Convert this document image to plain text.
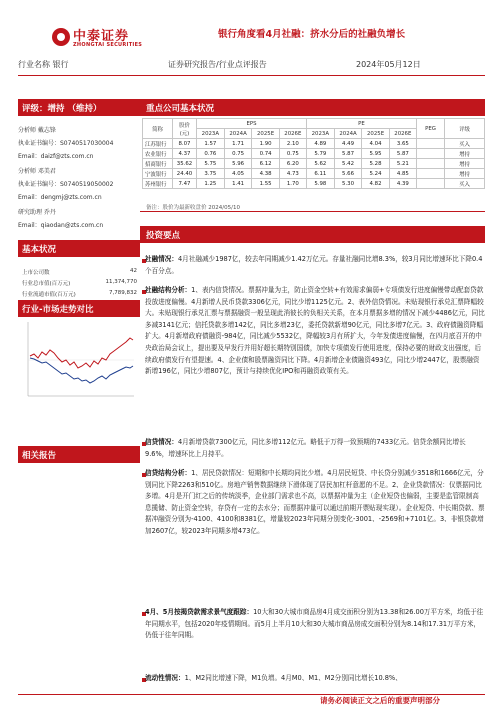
中泰证券
ZHONGTAI SECURITIES
银行角度看4月社融：挤水分后的社融负增长
行业名称 银行	证券研究报告/行业点评报告	2024年05月12日
评级：增持 （维持）
分析师 戴志锋
执业证书编号：S0740517030004
Email：daizf@zts.com.cn
分析师 邓美君
执业证书编号：S0740519050002
Email：dengmj@zts.com.cn
研究助理 乔丹
Email：qiaodan@zts.com.cn
基本状况
上市公司数	42
行业总市值(百万元)	11,374,770
行业流通市值(百万元)	7,789,832
行业-市场走势对比
相关报告
重点公司基本状况
简称	股价
(元)	EPS				PE				PEG	评级
		2023A	2024A	2025E	2026E	2023A	2024A	2025E	2026E		
江苏银行	8.07	1.57	1.71	1.90	2.10	4.89	4.49	4.04	3.65		买入
农业银行	4.37	0.76	0.75	0.74	0.75	5.79	5.87	5.95	5.87		增持
招商银行	35.62	5.75	5.96	6.12	6.20	5.62	5.42	5.28	5.21		增持
宁波银行	24.40	3.75	4.05	4.38	4.73	6.11	5.66	5.24	4.85		增持
苏州银行	7.47	1.25	1.41	1.55	1.70	5.98	5.30	4.82	4.39		买入
备注：股价为最新收盘价 2024/05/10
投资要点
社融情况：4月社融减少1987亿，较去年同期减少1.42万亿元。存量社融同比增8.3%，较3月同比增速环比下降0.4个百分点。
社融结构分析：1、表内信贷情况。票据冲量为主，防止资金空转+有效需求偏弱+专项债发行进度偏慢带动配套贷款投放进度偏慢。4月新增人民币贷款3306亿元，同比少增1125亿元。2、表外信贷情况。未贴现银行承兑汇票降幅较大。未贴现银行承兑汇票与票据融资一般呈现此消彼长的负相关关系，在本月票据多增的情况下减少4486亿元，同比多减3141亿元；信托贷款多增142亿，同比多增23亿，委托贷款新增90亿元，同比多增7亿元。3、政府债融资降幅扩大。4月新增政府债融资-984亿，同比减少5532亿，降幅较3月有所扩大，今年发债进度偏慢，在四月底召开的中央政治局会议上，提出要及早发行并用好超长期特别国债，加快专项债发行使用进度，保持必要的财政支出强度，后续政府债发行有望提速。4、企业债和股票融资同比下降。4月新增企业债融资493亿，同比少增2447亿，股票融资新增196亿，同比少增807亿，预计与持续优化IPO和再融资政策有关。
信贷情况：4月新增贷款7300亿元，同比多增112亿元。略低于万得一致预期的7433亿元。信贷余额同比增长9.6%，增速环比上月持平。
信贷结构分析：1、居民贷款情况：短期和中长期均同比少增。4月居民短贷、中长贷分别减少3518和1666亿元，分别同比下降2263和510亿。房地产销售数据继续下滑体现了居民加杠杆意愿的不足。2、企业贷款情况：仅票据同比多增。4月是开门红之后的传统淡季，企业部门需求也不高，以票据冲量为主（企业短贷也偏弱，主要是监管限制高息揽储、防止资金空转，存贷有一定的去水分；而票据冲量可以通过前期开票贴现实现）。企业短贷、中长期贷款、票据冲融资分别为-4100、4100和8381亿，增量较2023年同期分别变化-3001、-2569和+7101亿。3、非银贷款增加2607亿，较2023年同期多增473亿。
4月、5月按揭贷款需求景气度跟踪：10大和30大城市商品房4月成交面积分别为13.38和26.00万平方米，均低于往年同期水平，包括2020年疫情期间。而5月上半月10大和30大城市商品房成交面积分别为8.14和17.31万平方米，仍低于往年同期。
流动性情况：1、M2同比增速下降，M1负增。4月M0、M1、M2分别同比增长10.8%、
请务必阅读正文之后的重要声明部分
